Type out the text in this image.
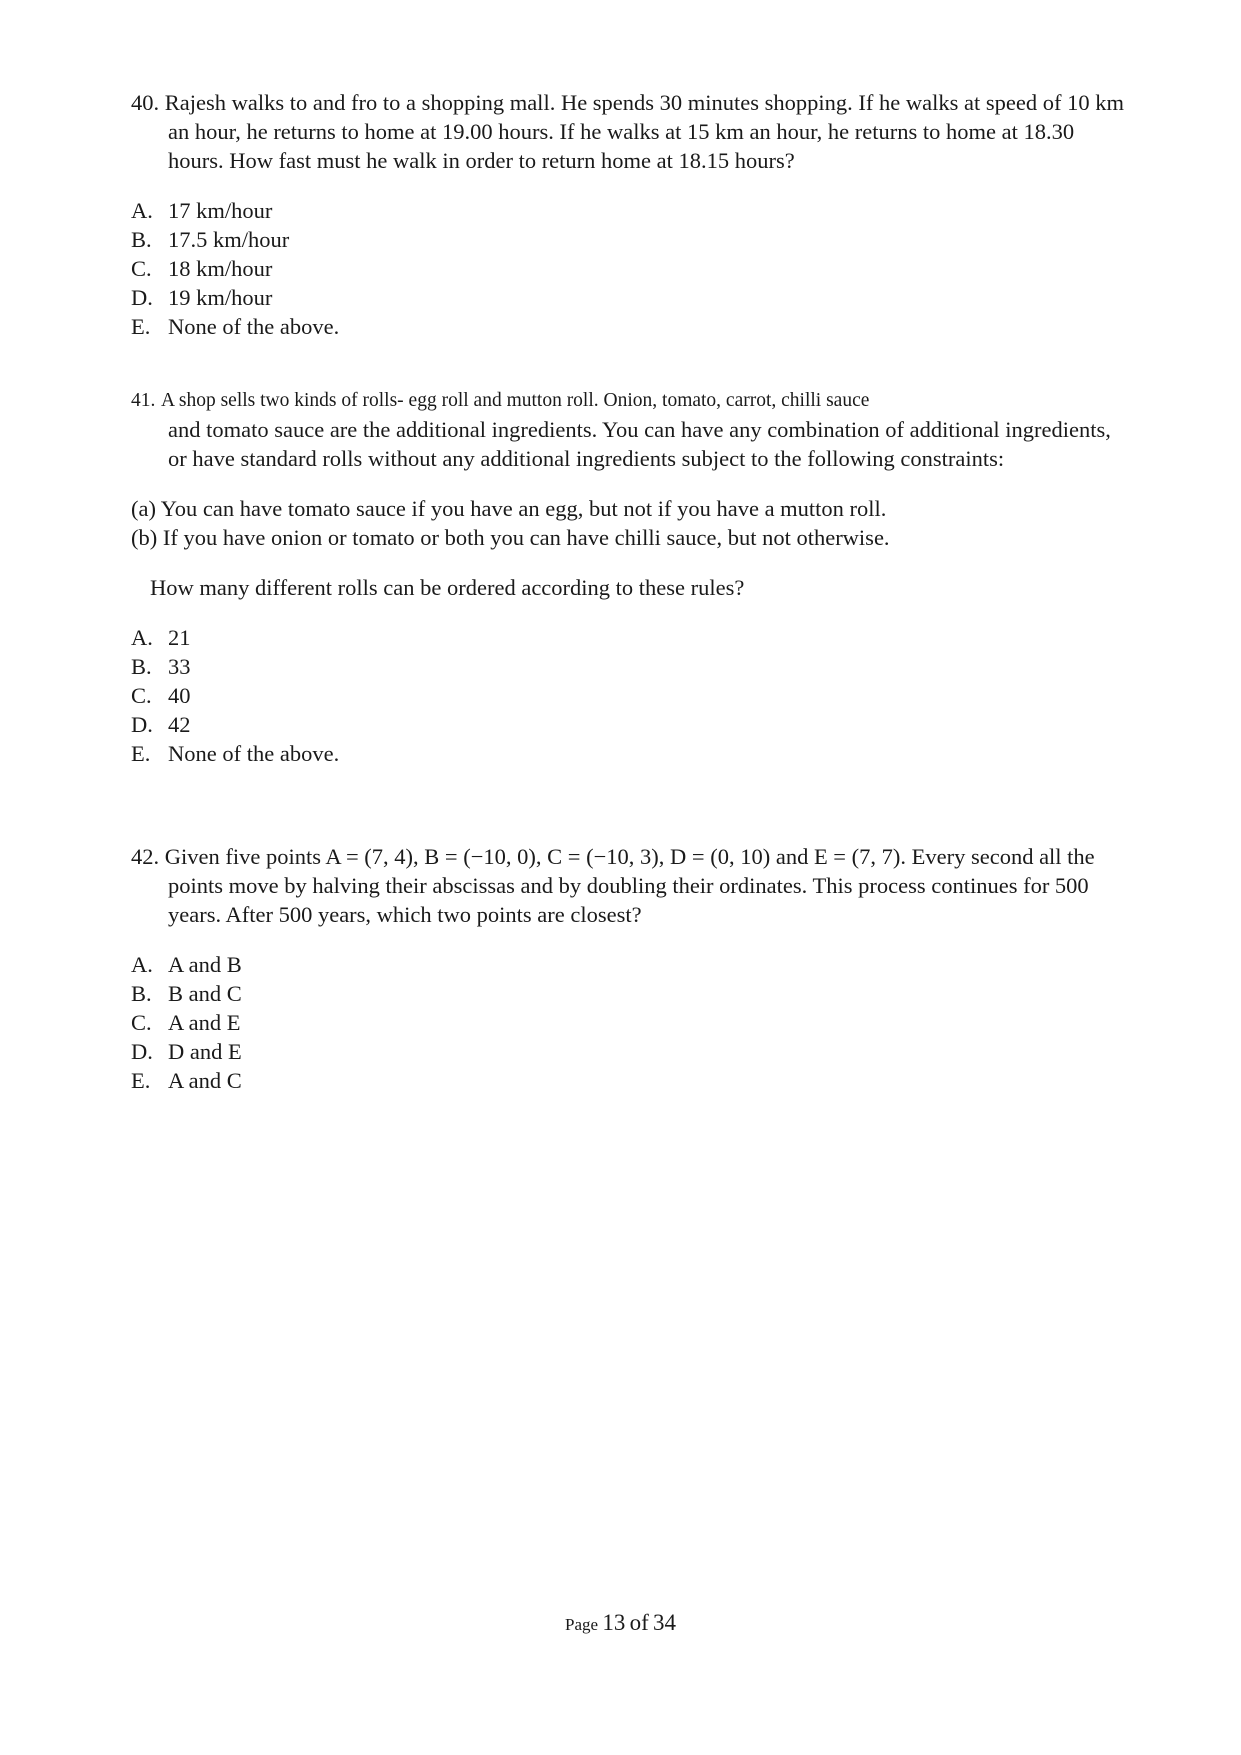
40. Rajesh walks to and fro to a shopping mall. He spends 30 minutes shopping. If he walks at speed of 10 km an hour, he returns to home at 19.00 hours. If he walks at 15 km an hour, he returns to home at 18.30 hours. How fast must he walk in order to return home at 18.15 hours?

A. 17 km/hour
B. 17.5 km/hour
C. 18 km/hour
D. 19 km/hour
E. None of the above.

41. A shop sells two kinds of rolls- egg roll and mutton roll. Onion, tomato, carrot, chilli sauce
and tomato sauce are the additional ingredients. You can have any combination of additional ingredients, or have standard rolls without any additional ingredients subject to the following constraints:

(a) You can have tomato sauce if you have an egg, but not if you have a mutton roll.

(b) If you have onion or tomato or both you can have chilli sauce, but not otherwise.

How many different rolls can be ordered according to these rules?

A. 21
B. 33
C. 40
D. 42
E. None of the above.

42. Given five points A = (7, 4), B = (−10, 0), C = (−10, 3), D = (0, 10) and E = (7, 7). Every second all the points move by halving their abscissas and by doubling their ordinates. This process continues for 500 years. After 500 years, which two points are closest?

A. A and B
B. B and C
C. A and E
D. D and E
E. A and C
Page 13 of 34
